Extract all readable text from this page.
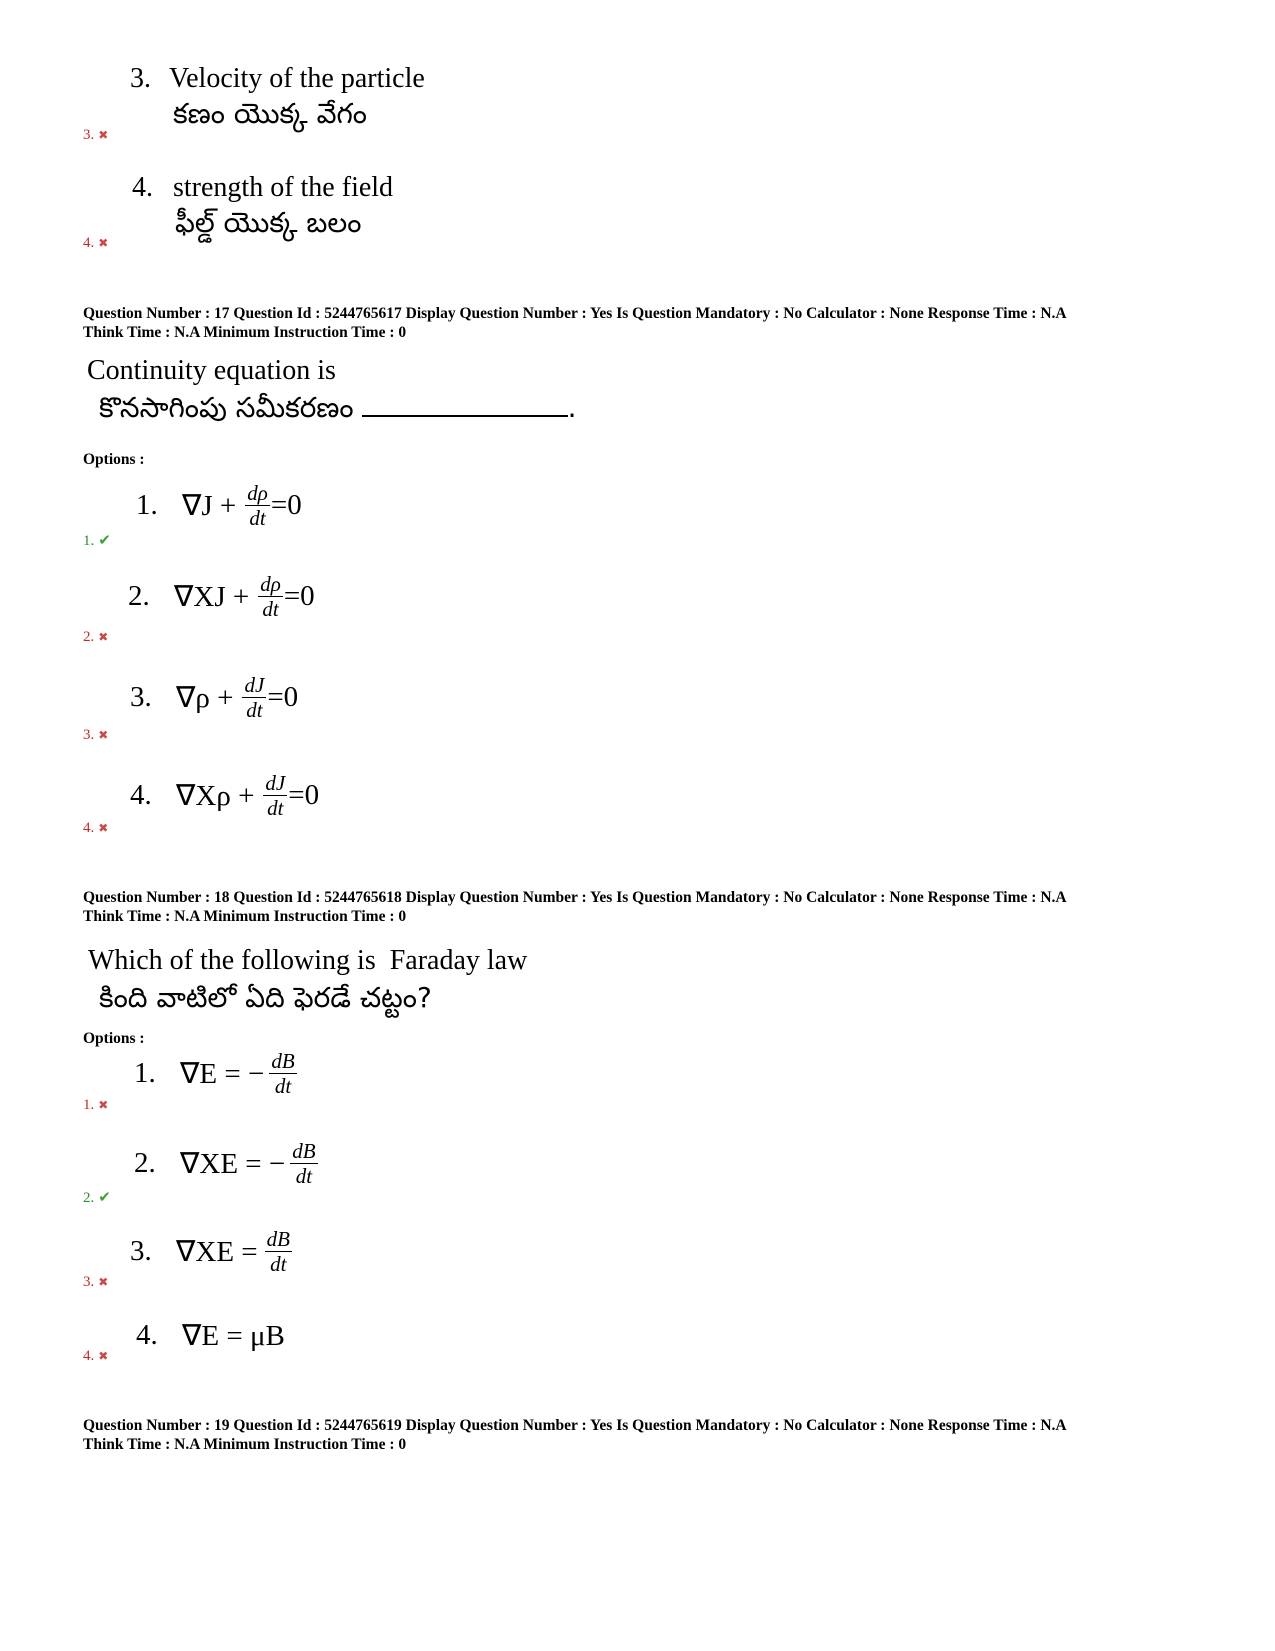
3. Velocity of the particle
కణం యొక్క వేగం
3. ✖
4. strength of the field
ఫీల్డ్ యొక్క బలం
4. ✖
Question Number : 17 Question Id : 5244765617 Display Question Number : Yes Is Question Mandatory : No Calculator : None Response Time : N.A
Think Time : N.A Minimum Instruction Time : 0
Continuity equation is
కొనసాగింపు సమీకరణం	.
Options :
1. $\nabla J + \frac{d\rho}{dt} =0$
1. ✔
2. $\nabla XJ + \frac{d\rho}{dt} =0$
2. ✖
3. $\nabla\rho + \frac{dJ}{dt} =0$
3. ✖
4. $\nabla X\rho + \frac{dJ}{dt} =0$
4. ✖
Question Number : 18 Question Id : 5244765618 Display Question Number : Yes Is Question Mandatory : No Calculator : None Response Time : N.A
Think Time : N.A Minimum Instruction Time : 0
Which of the following is  Faraday law
కింది వాటిలో ఏది ఫెరడే చట్టం?
Options :
1. ∇E = − $\frac{dB}{dt}$
1. ✖
2. ∇XE = − $\frac{dB}{dt}$
2. ✔
3. $\nabla XE = \frac{dB}{dt}$
3. ✖
4. ∇E = μB
4. ✖
Question Number : 19 Question Id : 5244765619 Display Question Number : Yes Is Question Mandatory : No Calculator : None Response Time : N.A
Think Time : N.A Minimum Instruction Time : 0
